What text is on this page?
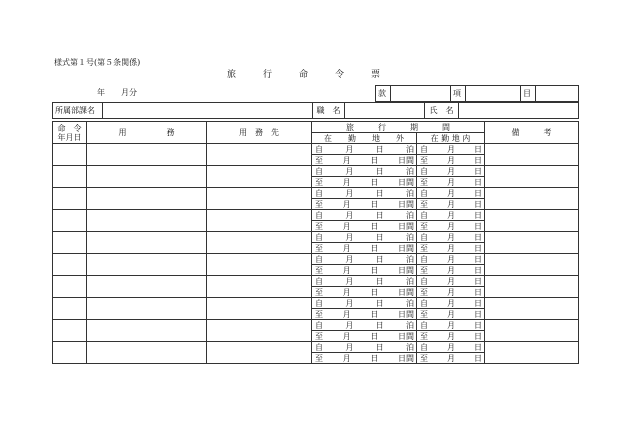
様式第１号(第５条関係)
旅　　　行　　　命　　　令　　　票
年　　月分	款		項		目	
所属部課名		職　名		氏　名	
命　令
年月日	用　　　　　務	用　務　先	旅　　　行　　　期　　　間		備　　　考
			在　　勤　　地　　外	在 勤 地 内	

			自 月 日 泊	自 月 日	

			至 月 日 日間	至 月 日	

			自 月 日 泊	自 月 日	

			至 月 日 日間	至 月 日	

			自 月 日 泊	自 月 日	

			至 月 日 日間	至 月 日	

			自 月 日 泊	自 月 日	

			至 月 日 日間	至 月 日	

			自 月 日 泊	自 月 日	

			至 月 日 日間	至 月 日	

			自 月 日 泊	自 月 日	

			至 月 日 日間	至 月 日	

			自 月 日 泊	自 月 日	

			至 月 日 日間	至 月 日	

			自 月 日 泊	自 月 日	

			至 月 日 日間	至 月 日	

			自 月 日 泊	自 月 日	

			至 月 日 日間	至 月 日	

			自 月 日 泊	自 月 日	

			至 月 日 日間	至 月 日	
